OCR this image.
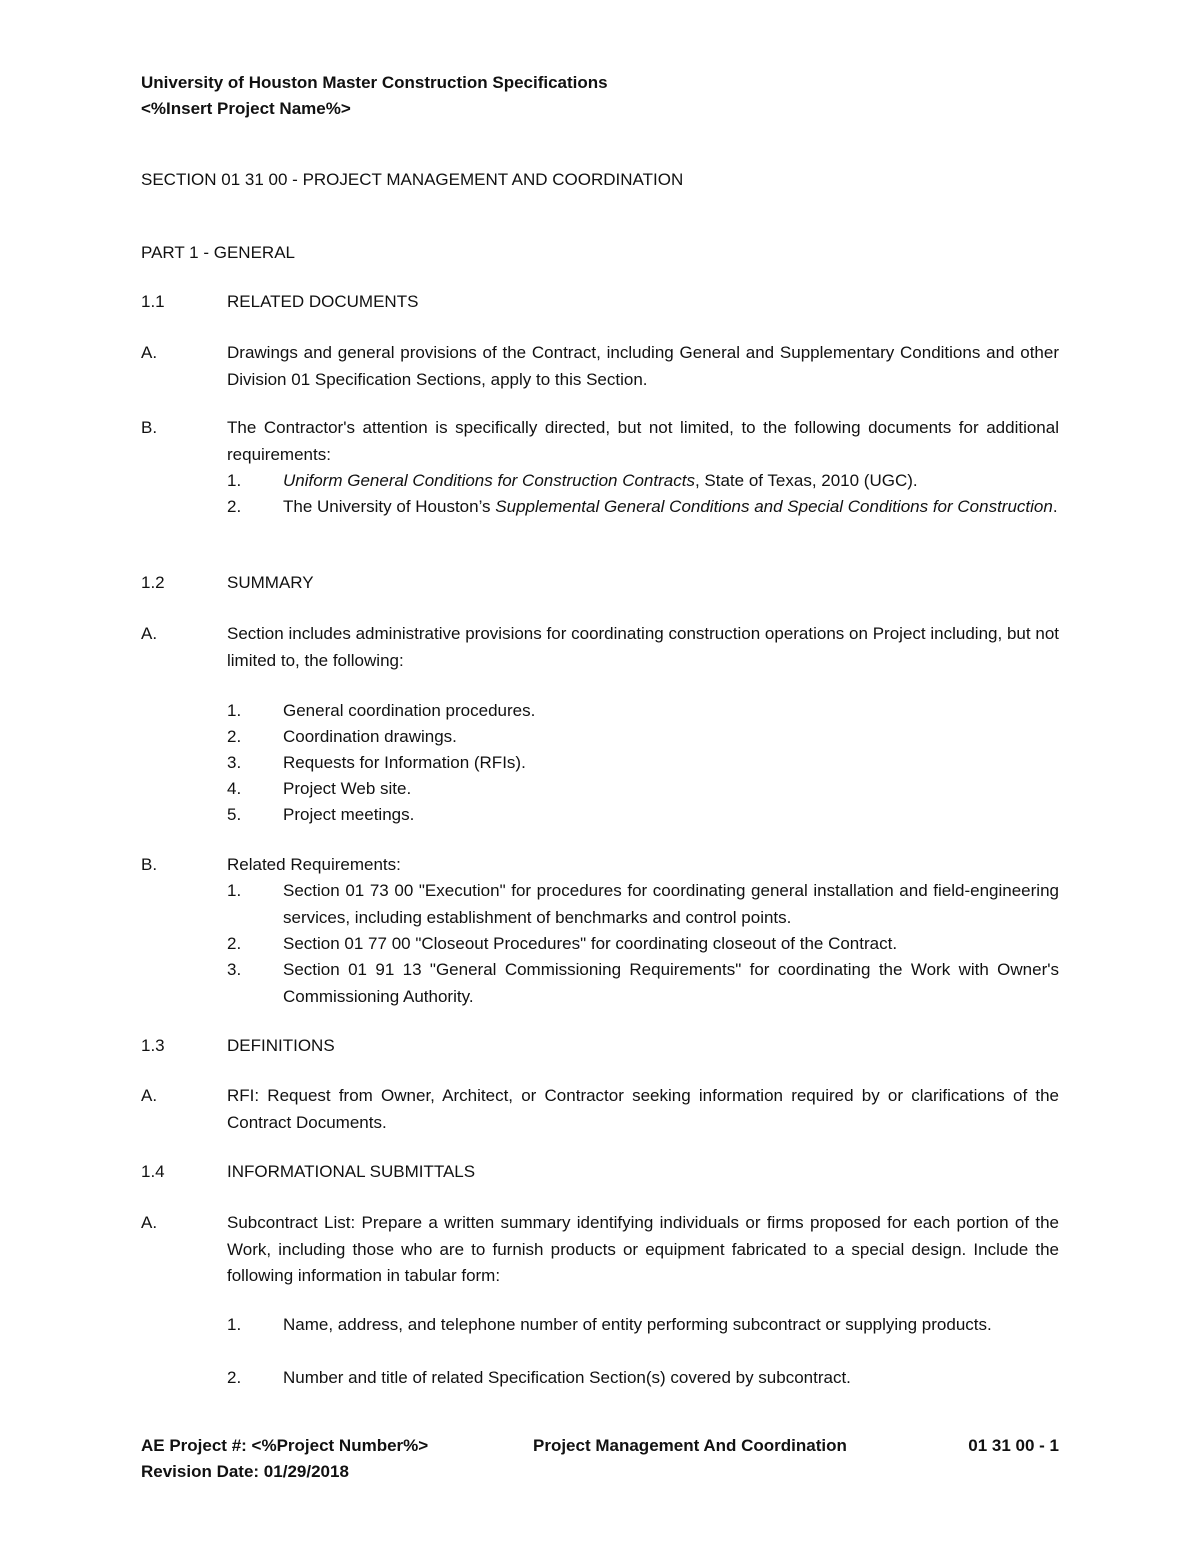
University of Houston Master Construction Specifications
<%Insert Project Name%>
SECTION 01 31 00 - PROJECT MANAGEMENT AND COORDINATION
PART 1 - GENERAL
1.1	RELATED DOCUMENTS
A.	Drawings and general provisions of the Contract, including General and Supplementary Conditions and other Division 01 Specification Sections, apply to this Section.
B.	The Contractor's attention is specifically directed, but not limited, to the following documents for additional requirements:
1. Uniform General Conditions for Construction Contracts, State of Texas, 2010 (UGC).
2. The University of Houston’s Supplemental General Conditions and Special Conditions for Construction.
1.2	SUMMARY
A.	Section includes administrative provisions for coordinating construction operations on Project including, but not limited to, the following:
1. General coordination procedures.
2. Coordination drawings.
3. Requests for Information (RFIs).
4. Project Web site.
5. Project meetings.
B.	Related Requirements:
1. Section 01 73 00 "Execution" for procedures for coordinating general installation and field-engineering services, including establishment of benchmarks and control points.
2. Section 01 77 00 "Closeout Procedures" for coordinating closeout of the Contract.
3. Section 01 91 13 "General Commissioning Requirements" for coordinating the Work with Owner's Commissioning Authority.
1.3	DEFINITIONS
A.	RFI: Request from Owner, Architect, or Contractor seeking information required by or clarifications of the Contract Documents.
1.4	INFORMATIONAL SUBMITTALS
A.	Subcontract List: Prepare a written summary identifying individuals or firms proposed for each portion of the Work, including those who are to furnish products or equipment fabricated to a special design. Include the following information in tabular form:
1. Name, address, and telephone number of entity performing subcontract or supplying products.
2. Number and title of related Specification Section(s) covered by subcontract.
AE Project #: <%Project Number%>
Revision Date: 01/29/2018
Project Management And Coordination	01 31 00 - 1
